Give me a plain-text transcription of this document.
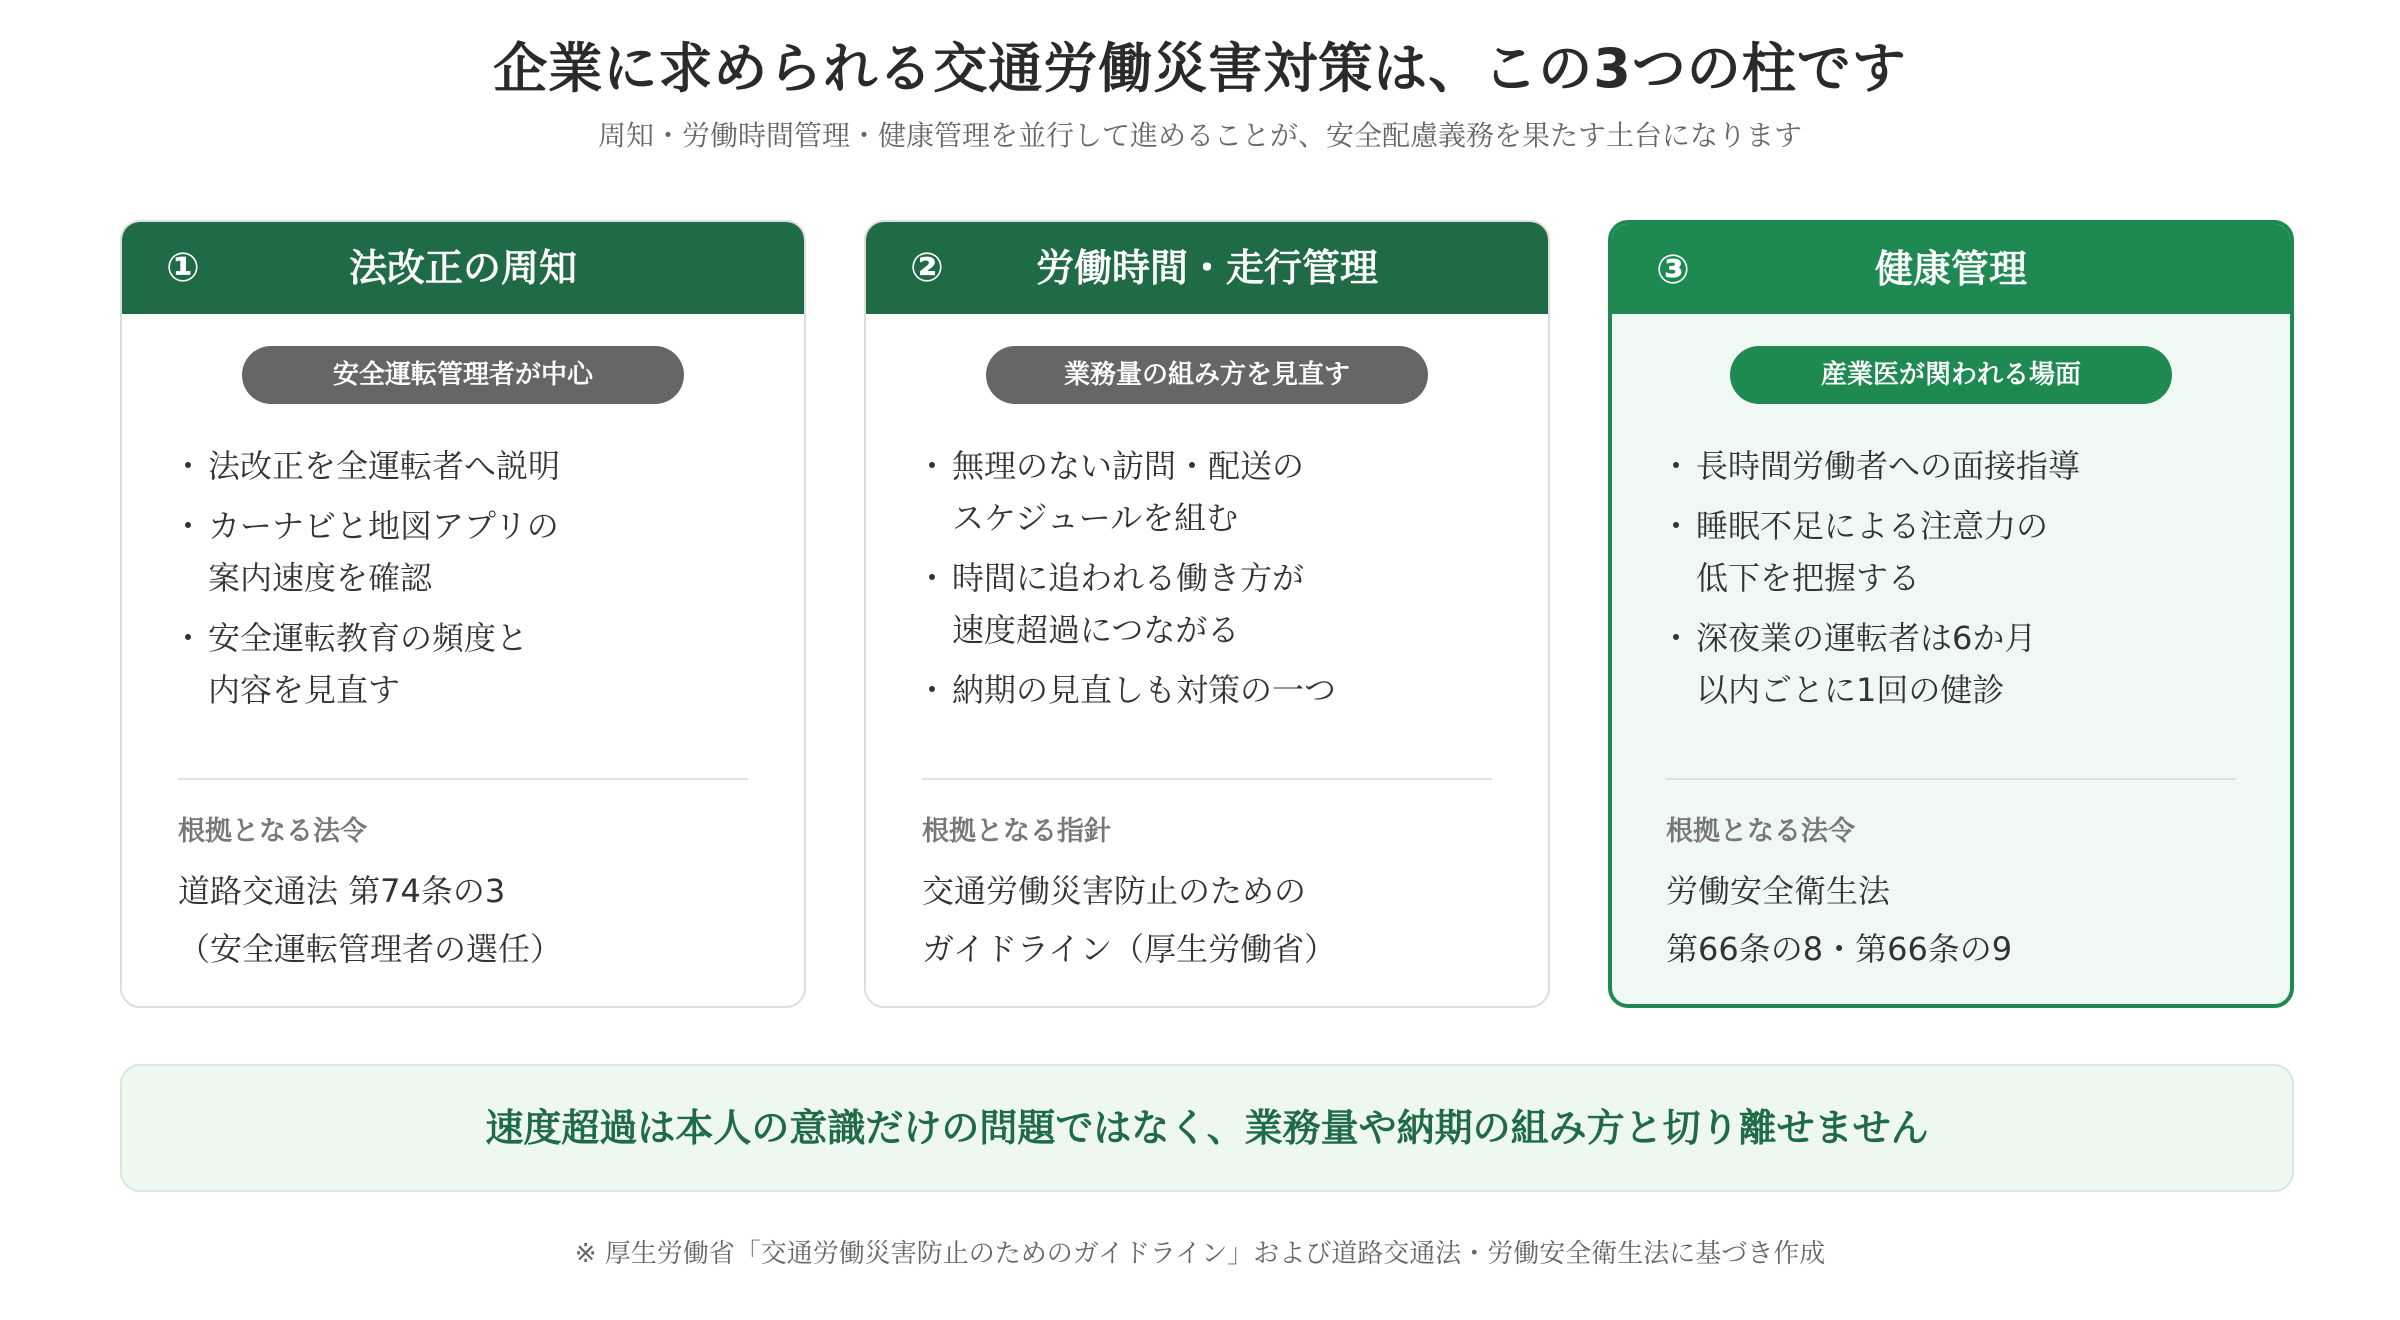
企業に求められる交通労働災害対策は、この3つの柱です
周知・労働時間管理・健康管理を並行して進めることが、安全配慮義務を果たす土台になります
①	法改正の周知
安全運転管理者が中心
・ 法改正を全運転者へ説明
・ カーナビと地図アプリの
案内速度を確認
・ 安全運転教育の頻度と
内容を見直す
根拠となる法令
道路交通法 第74条の3
（安全運転管理者の選任）
②	労働時間・走行管理
業務量の組み方を見直す
・ 無理のない訪問・配送の
スケジュールを組む
・ 時間に追われる働き方が
速度超過につながる
・ 納期の見直しも対策の一つ
根拠となる指針
交通労働災害防止のための
ガイドライン（厚生労働省）
③	健康管理
産業医が関われる場面
・ 長時間労働者への面接指導
・ 睡眠不足による注意力の
低下を把握する
・ 深夜業の運転者は6か月
以内ごとに1回の健診
根拠となる法令
労働安全衛生法
第66条の8・第66条の9
速度超過は本人の意識だけの問題ではなく、業務量や納期の組み方と切り離せません
※ 厚生労働省「交通労働災害防止のためのガイドライン」および道路交通法・労働安全衛生法に基づき作成
